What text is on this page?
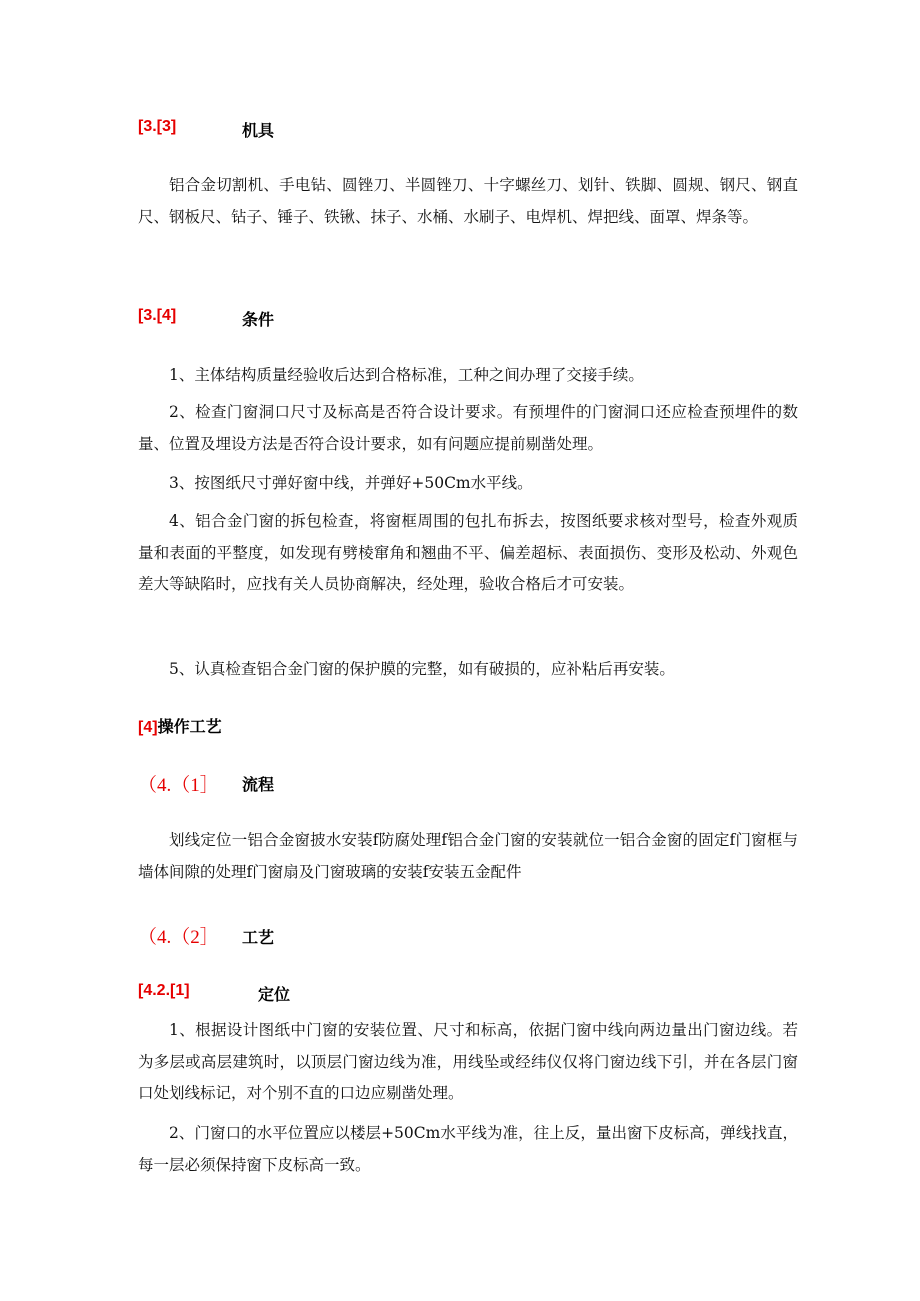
[3.[3]	机具

铝合金切割机、手电钻、圆锉刀、半圆锉刀、十字螺丝刀、划针、铁脚、圆规、钢尺、钢直尺、钢板尺、钻子、锤子、铁锹、抹子、水桶、水刷子、电焊机、焊把线、面罩、焊条等。

[3.[4]	条件

1、主体结构质量经验收后达到合格标准，工种之间办理了交接手续。

2、检查门窗洞口尺寸及标高是否符合设计要求。有预埋件的门窗洞口还应检查预埋件的数量、位置及埋设方法是否符合设计要求，如有问题应提前剔凿处理。

3、按图纸尺寸弹好窗中线，并弹好+50Cm水平线。

4、铝合金门窗的拆包检查，将窗框周围的包扎布拆去，按图纸要求核对型号，检查外观质量和表面的平整度，如发现有劈棱窜角和翘曲不平、偏差超标、表面损伤、变形及松动、外观色差大等缺陷时，应找有关人员协商解决，经处理，验收合格后才可安装。

5、认真检查铝合金门窗的保护膜的完整，如有破损的，应补粘后再安装。

[4]操作工艺
（4.（1］ 流程

划线定位一铝合金窗披水安装f防腐处理f铝合金门窗的安装就位一铝合金窗的固定f门窗框与墙体间隙的处理f门窗扇及门窗玻璃的安装f安装五金配件

（4.（2］ 工艺
[4.2.[1]	定位

1、根据设计图纸中门窗的安装位置、尺寸和标高，依据门窗中线向两边量出门窗边线。若为多层或高层建筑时，以顶层门窗边线为准，用线坠或经纬仪仅将门窗边线下引，并在各层门窗口处划线标记，对个别不直的口边应剔凿处理。

2、门窗口的水平位置应以楼层+50Cm水平线为准，往上反，量出窗下皮标高，弹线找直，每一层必须保持窗下皮标高一致。
